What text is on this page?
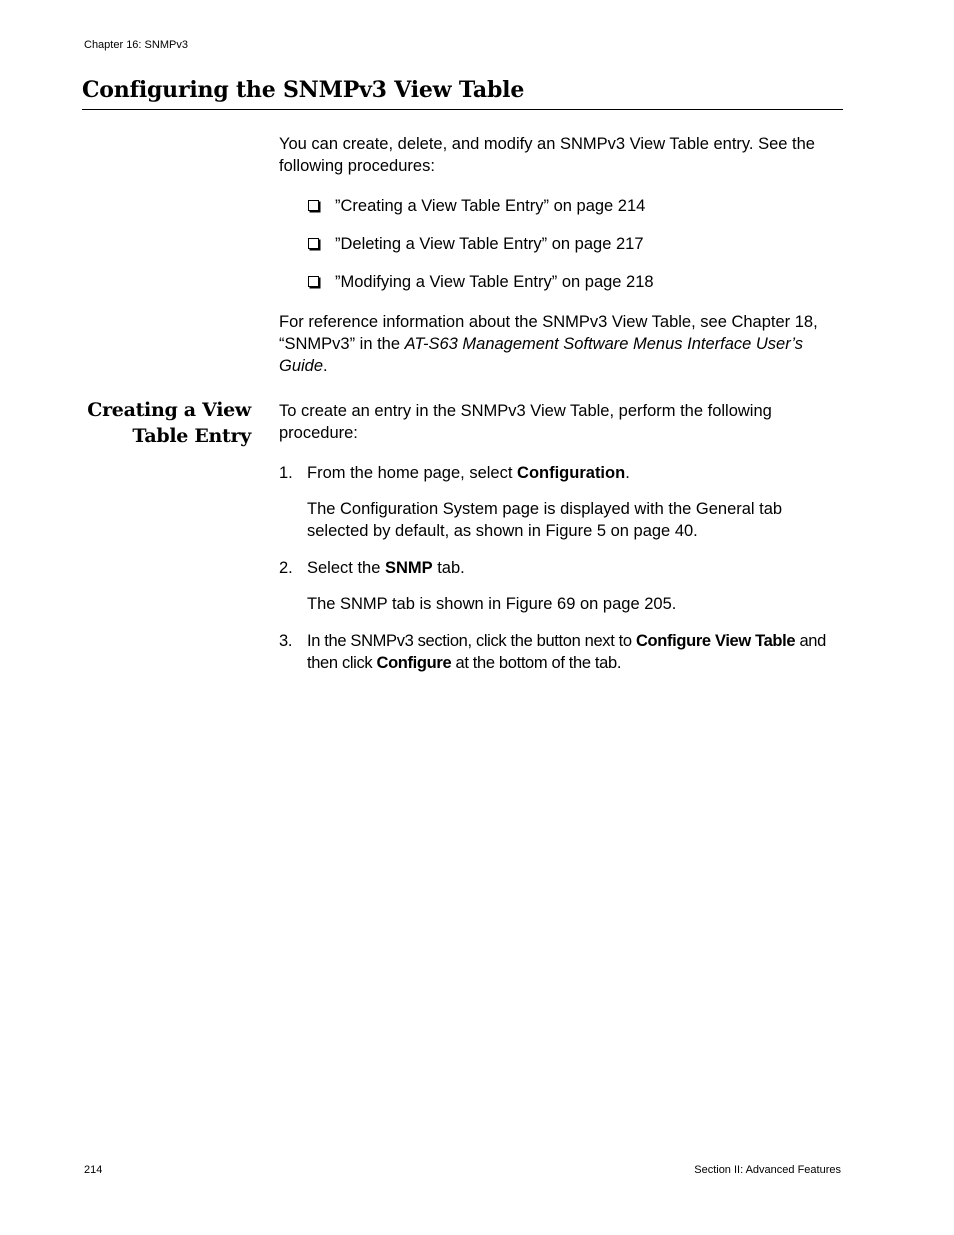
Chapter 16: SNMPv3
Configuring the SNMPv3 View Table

You can create, delete, and modify an SNMPv3 View Table entry. See the following procedures:

”Creating a View Table Entry” on page 214
”Deleting a View Table Entry” on page 217
”Modifying a View Table Entry” on page 218

For reference information about the SNMPv3 View Table, see Chapter 18, “SNMPv3” in the AT-S63 Management Software Menus Interface User’s Guide.

Creating a View Table Entry

To create an entry in the SNMPv3 View Table, perform the following procedure:

1. From the home page, select Configuration.

The Configuration System page is displayed with the General tab selected by default, as shown in Figure 5 on page 40.

2. Select the SNMP tab.

The SNMP tab is shown in Figure 69 on page 205.

3. In the SNMPv3 section, click the button next to Configure View Table and then click Configure at the bottom of the tab.

214	Section II: Advanced Features
